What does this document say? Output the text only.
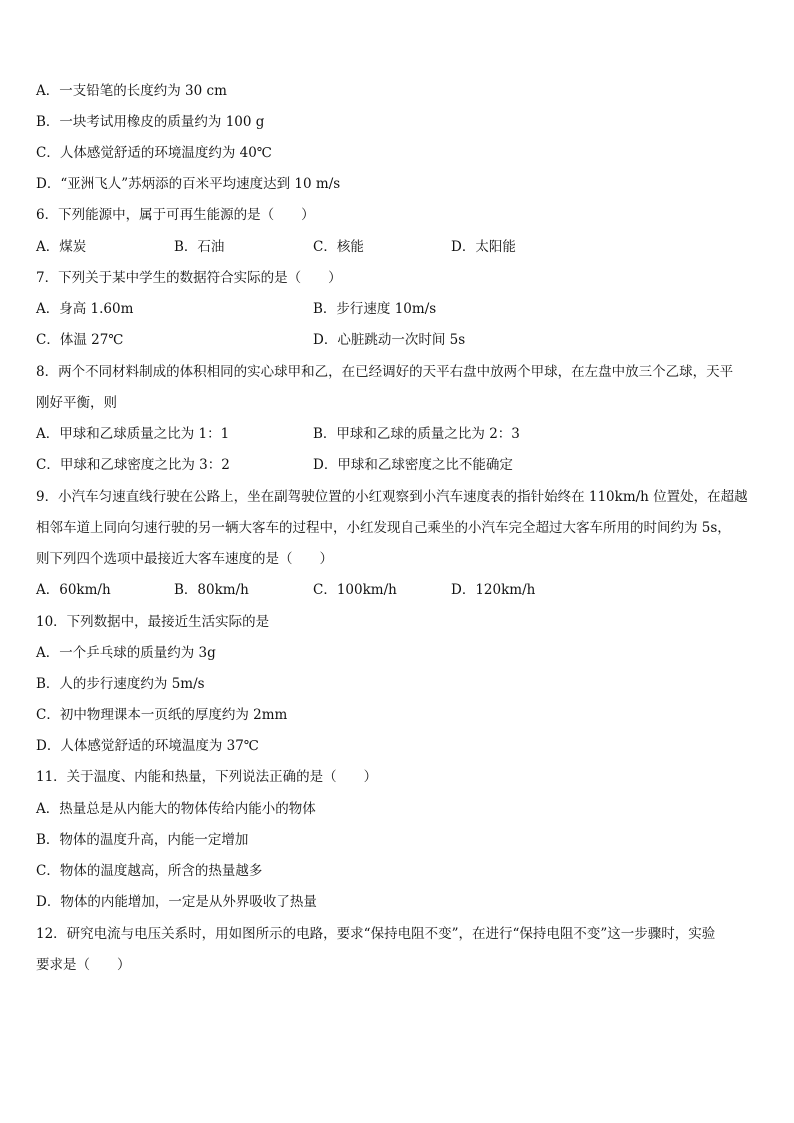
A．一支铅笔的长度约为 30 cm
B．一块考试用橡皮的质量约为 100 g
C．人体感觉舒适的环境温度约为 40℃
D．“亚洲飞人”苏炳添的百米平均速度达到 10 m/s
6．下列能源中，属于可再生能源的是（　　）
A．煤炭	B．石油	C．核能	D．太阳能
7．下列关于某中学生的数据符合实际的是（　　）
A．身高 1.60m	B．步行速度 10m/s
C．体温 27℃	D．心脏跳动一次时间 5s
8．两个不同材料制成的体积相同的实心球甲和乙，在已经调好的天平右盘中放两个甲球，在左盘中放三个乙球，天平
刚好平衡，则
A．甲球和乙球质量之比为 1：1	B．甲球和乙球的质量之比为 2：3
C．甲球和乙球密度之比为 3：2	D．甲球和乙球密度之比不能确定
9．小汽车匀速直线行驶在公路上，坐在副驾驶位置的小红观察到小汽车速度表的指针始终在 110km/h 位置处，在超越
相邻车道上同向匀速行驶的另一辆大客车的过程中，小红发现自己乘坐的小汽车完全超过大客车所用的时间约为 5s，
则下列四个选项中最接近大客车速度的是（　　）
A．60km/h	B．80km/h	C．100km/h	D．120km/h
10．下列数据中，最接近生活实际的是
A．一个乒乓球的质量约为 3g
B．人的步行速度约为 5m/s
C．初中物理课本一页纸的厚度约为 2mm
D．人体感觉舒适的环境温度为 37℃
11．关于温度、内能和热量，下列说法正确的是（　　）
A．热量总是从内能大的物体传给内能小的物体
B．物体的温度升高，内能一定增加
C．物体的温度越高，所含的热量越多
D．物体的内能增加，一定是从外界吸收了热量
12．研究电流与电压关系时，用如图所示的电路，要求“保持电阻不变”，在进行“保持电阻不变”这一步骤时，实验
要求是（　　）
